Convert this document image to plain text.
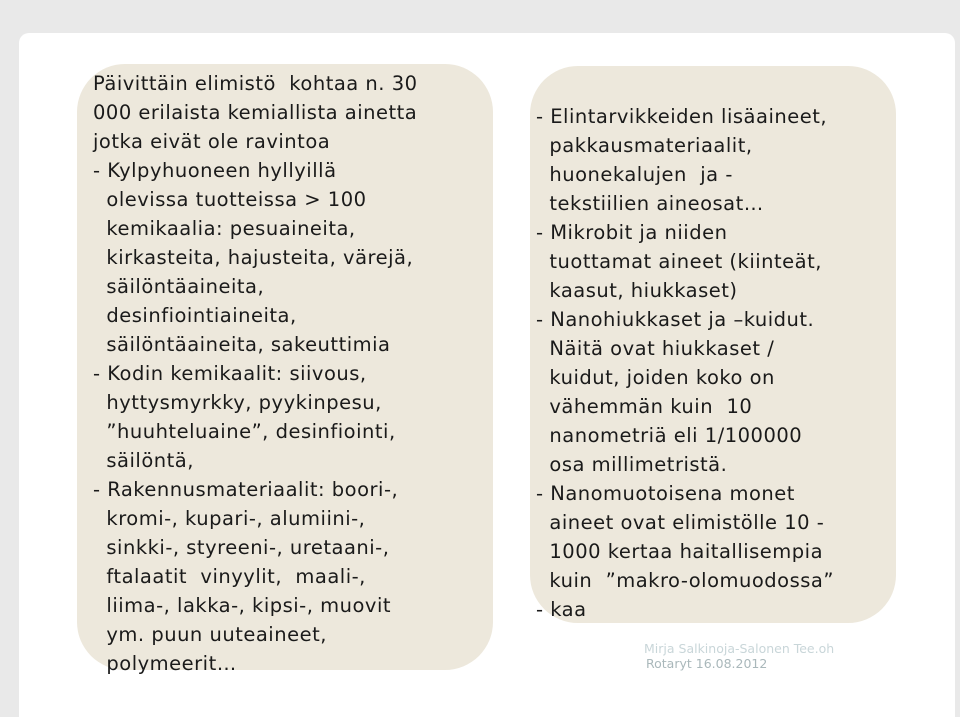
Mirja Salkinoja-Salonen Tee.oh
Rotaryt 16.08.2012
Päivittäin elimistö  kohtaa n. 30
000 erilaista kemiallista ainetta
jotka eivät ole ravintoa
- Kylpyhuoneen hyllyillä
olevissa tuotteissa > 100
kemikaalia: pesuaineita,
kirkasteita, hajusteita, värejä,
säilöntäaineita,
desinfiointiaineita,
säilöntäaineita, sakeuttimia
- Kodin kemikaalit: siivous,
hyttysmyrkky, pyykinpesu,
”huuhteluaine”, desinfiointi,
säilöntä,
- Rakennusmateriaalit: boori-,
kromi-, kupari-, alumiini-,
sinkki-, styreeni-, uretaani-,
ftalaatit  vinyylit,  maali-,
liima-, lakka-, kipsi-, muovit
ym. puun uuteaineet,
polymeerit…
- Elintarvikkeiden lisäaineet,
pakkausmateriaalit,
huonekalujen  ja -
tekstiilien aineosat…
- Mikrobit ja niiden
tuottamat aineet (kiinteät,
kaasut, hiukkaset)
- Nanohiukkaset ja –kuidut.
Näitä ovat hiukkaset /
kuidut, joiden koko on
vähemmän kuin  10
nanometriä eli 1/100000
osa millimetristä.
- Nanomuotoisena monet
aineet ovat elimistölle 10 -
1000 kertaa haitallisempia
kuin  ”makro-olomuodossa”
- kaa
